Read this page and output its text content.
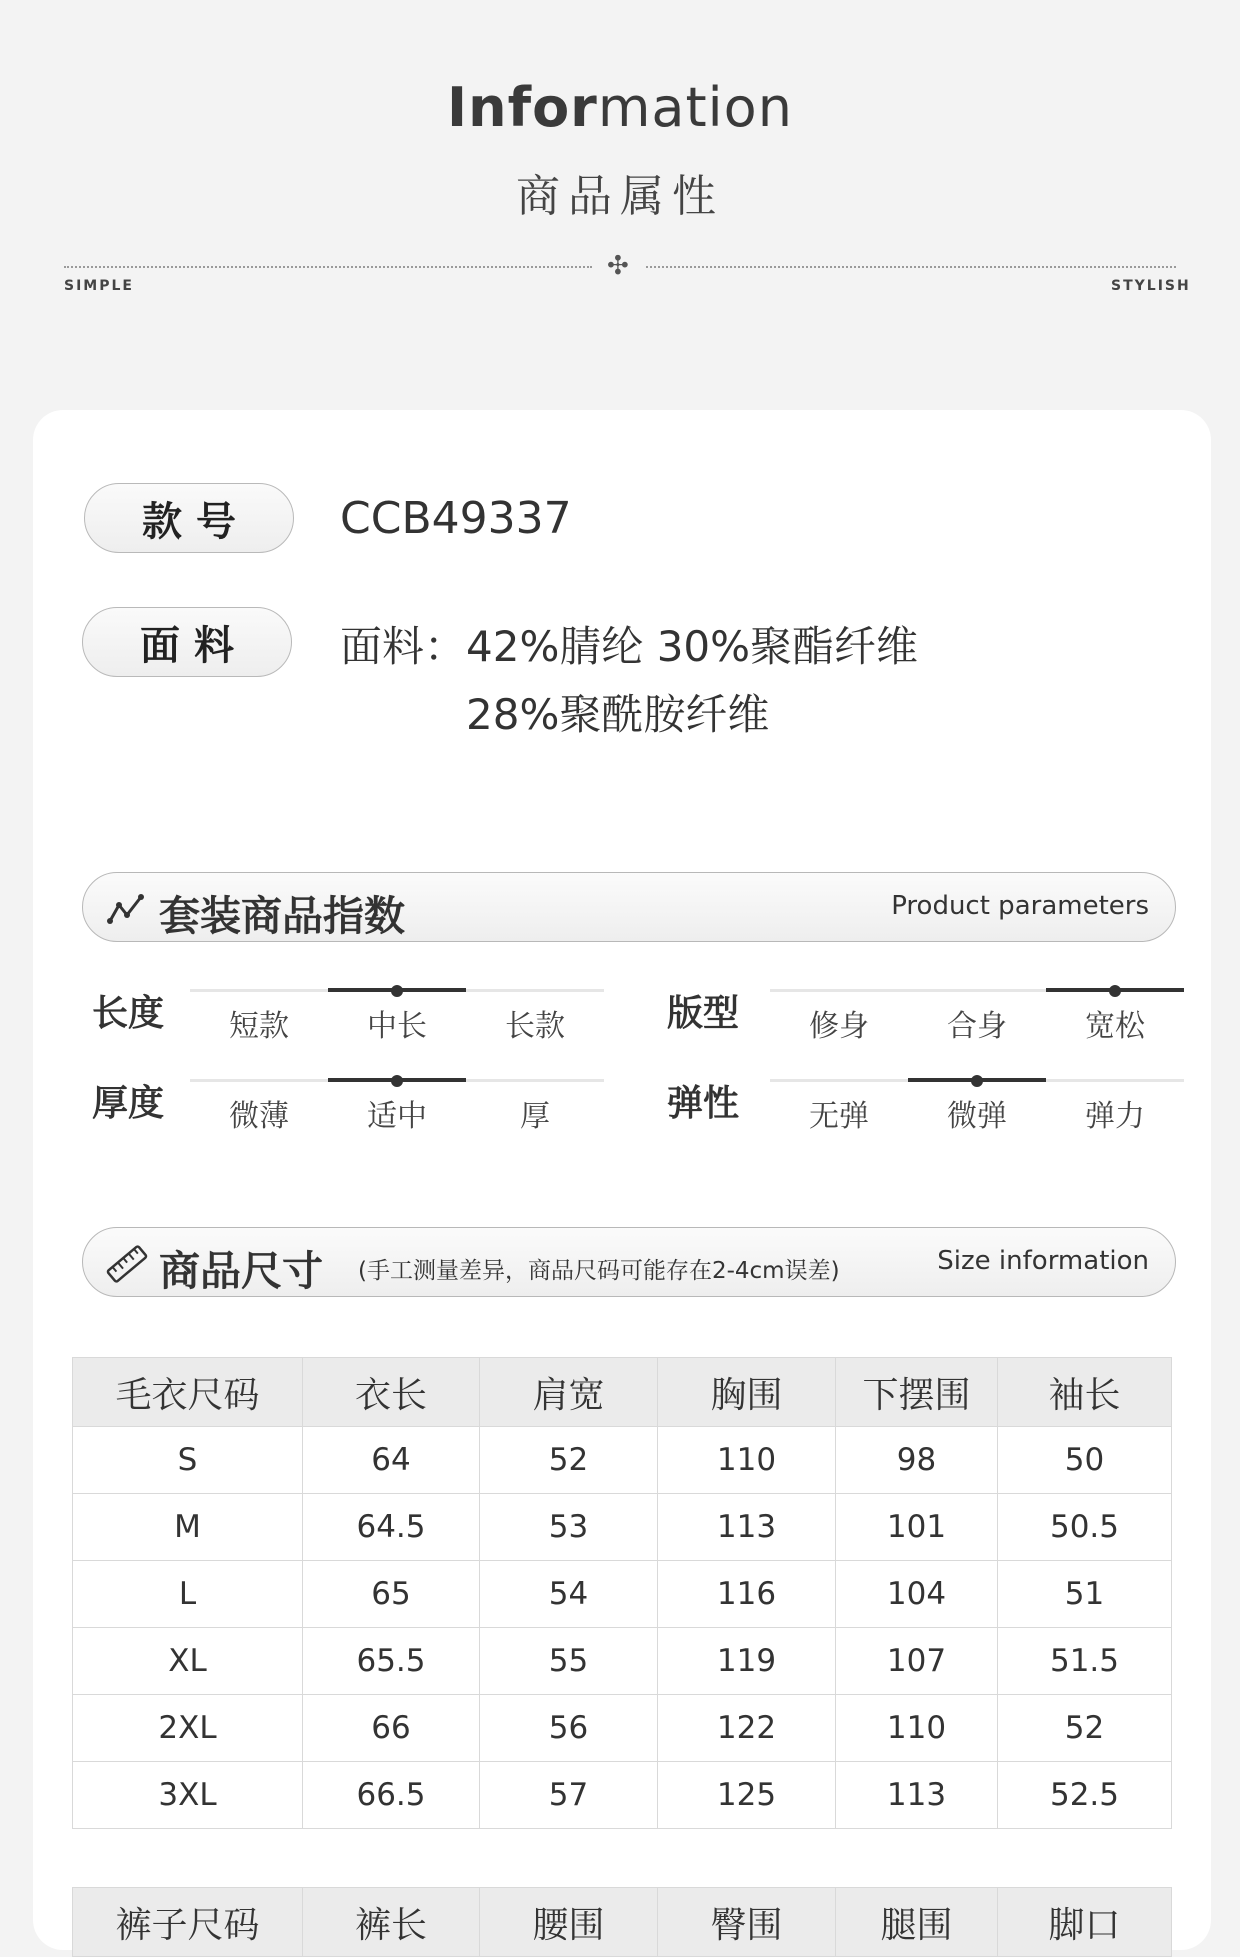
Information
商品属性
✣
SIMPLE	STYLISH
款号	CCB49337
面料	面料：42%腈纶 30%聚酯纤维
28%聚酰胺纤维
套装商品指数	Product parameters
长度	短款	中长	长款	版型	修身	合身	宽松
厚度	微薄	适中	厚	弹性	无弹	微弹	弹力
商品尺寸 (手工测量差异，商品尺码可能存在2-4cm误差)	Size information
毛衣尺码	衣长	肩宽	胸围	下摆围	袖长
S	64	52	110	98	50
M	64.5	53	113	101	50.5
L	65	54	116	104	51
XL	65.5	55	119	107	51.5
2XL	66	56	122	110	52
3XL	66.5	57	125	113	52.5
裤子尺码	裤长	腰围	臀围	腿围	脚口
